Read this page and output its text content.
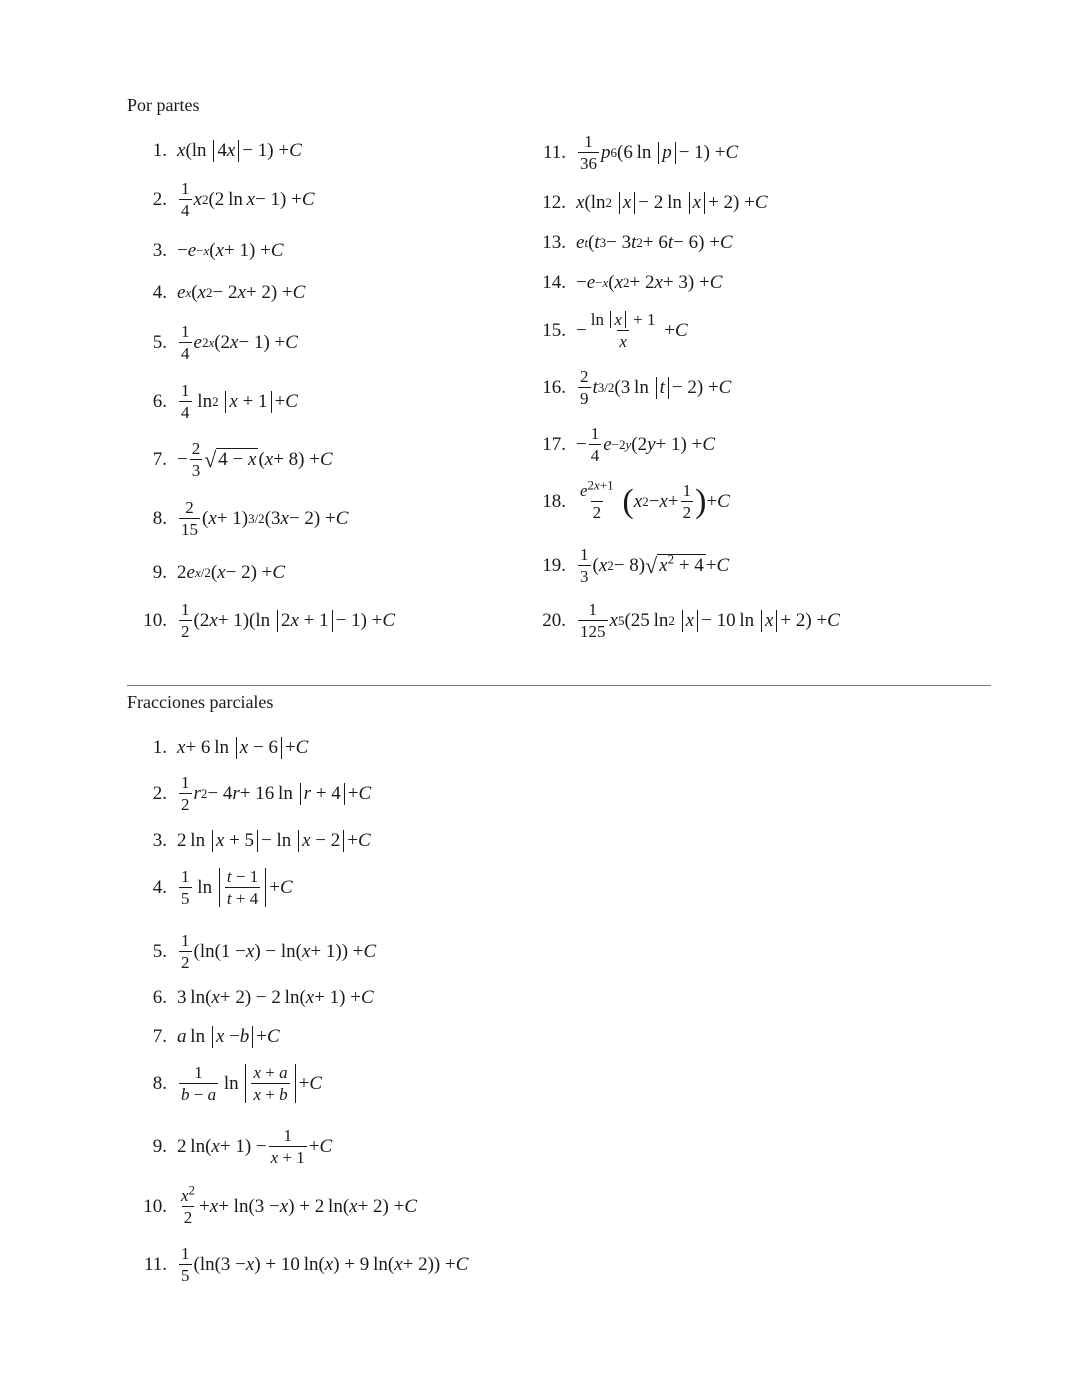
Por partes
1. x (ln  4 x − 1) + C
2. $\frac{1}{4}$ x 2 (2 ln  x − 1) + C
3. − e −x ( x + 1) + C
4. e x ( x 2 − 2 x + 2) + C
5. $\frac{1}{4}$ e 2x (2 x − 1) + C
6. $\frac{1}{4}$  ln 2
  x + 1 + C
7. − $\frac{2}{3}$ √ 4 − x ( x + 8) + C
8. $\frac{2}{15}$ ( x + 1) 3/2 (3 x − 2) + C
9. 2 e x/2 ( x − 2) + C
10. $\frac{1}{2} (2$ x + 1)(ln  2 x + 1 − 1) + C
11. $\frac{1}{36}$ p 6 (6 ln  p − 1) + C
12. x (ln 2
  x − 2 ln  x + 2) + C
13. e t ( t 3 − 3 t 2 + 6 t − 6) + C
14. − e −x ( x 2 + 2 x + 3) + C
15. − $\frac{\text{ln  x + 1}}{x} + C$
16. $\frac{2}{9}$ t 3/2 (3 ln  t − 2) + C
17. − $\frac{1}{4}$ e −2y (2 y + 1) + C
18. $\frac{e^{2x+1}}{2}$
( x $2 - x + \frac{1}{2}$ ) + C
19. $\frac{1}{3}$ ( x 2 − 8) √ $x^2 + 4 + C$
20. $\frac{1}{125}$ x 5 (25 ln 2
  x − 10 ln  x + 2) + C
Fracciones parciales
1. x + 6 ln  x − 6 + C
2. $\frac{1}{2}$ r 2 − 4 r + 16 ln  r + 4 + C
3. 2 ln  x + 5 − ln  x − 2 + C
4. $\frac{1}{5}$  $\ln \frac{t - 1}{t + 4} + C$
5. $\frac{1}{2} (\ln(1 - x$ ) − ln( x + 1)) + C
6. 3 ln( x + 2) − 2 ln( x + 1) + C
7. a  ln  x − b + C
8. $\frac{1}{b - a}$  $\ln \frac{x + a}{x + b} + C$
9. 2 ln( $x + 1) - \frac{1}{x + 1} + C$
10. $\frac{x^2}{2} + x + \ln(3 - x$ ) + 2 ln( x + 2) + C
11. $\frac{1}{5} (\ln(3 - x$ ) + 10 ln( x ) + 9 ln( x + 2)) + C
